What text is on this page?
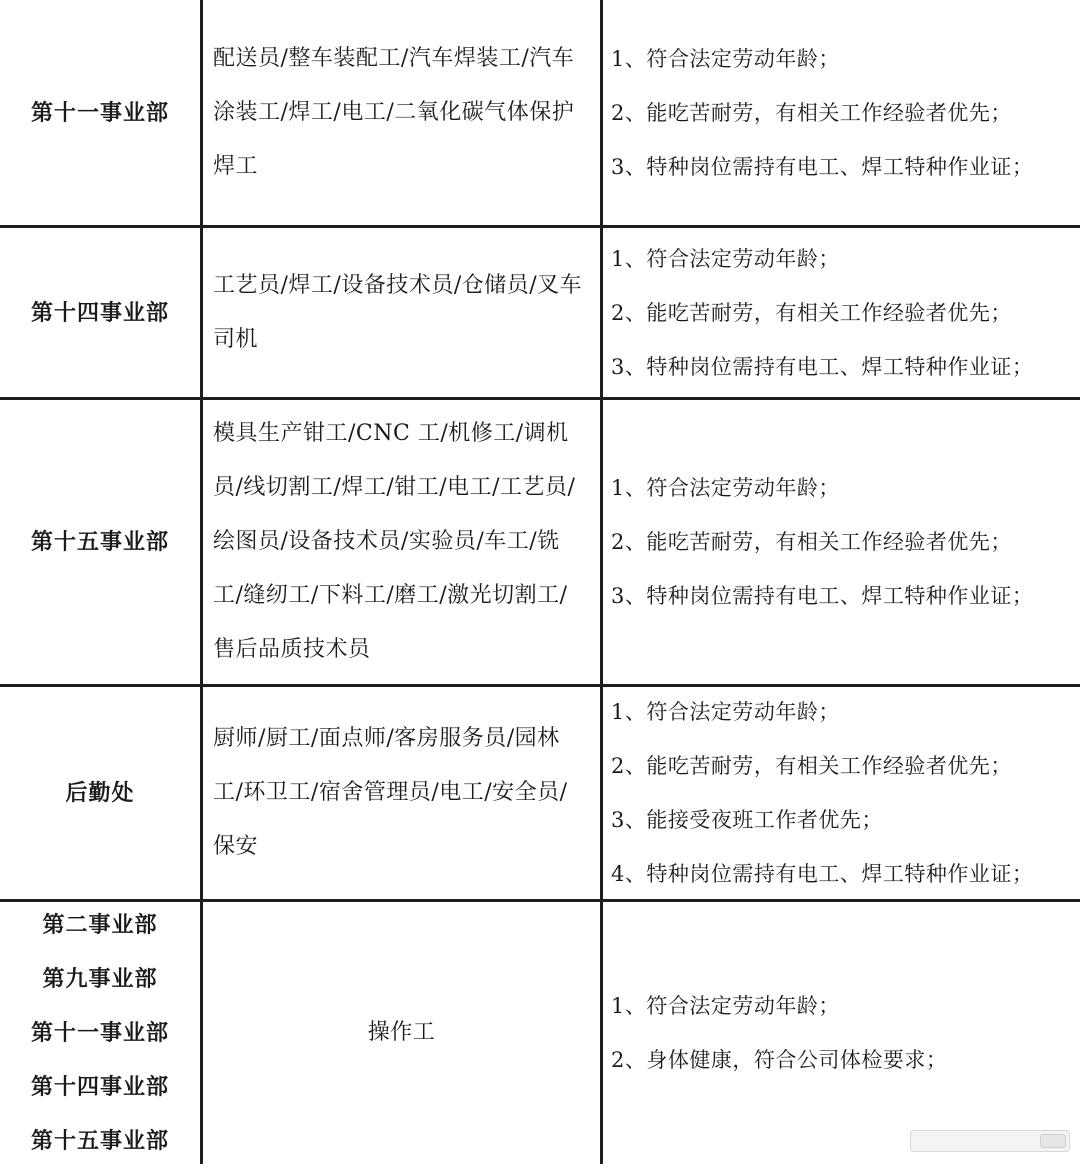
第十一事业部
配送员/整车装配工/汽车焊装工/汽车涂装工/焊工/电工/二氧化碳气体保护焊工
1、符合法定劳动年龄；
2、能吃苦耐劳，有相关工作经验者优先；
3、特种岗位需持有电工、焊工特种作业证；
第十四事业部
工艺员/焊工/设备技术员/仓储员/叉车司机
1、符合法定劳动年龄；
2、能吃苦耐劳，有相关工作经验者优先；
3、特种岗位需持有电工、焊工特种作业证；
第十五事业部
模具生产钳工/CNC 工/机修工/调机员/线切割工/焊工/钳工/电工/工艺员/绘图员/设备技术员/实验员/车工/铣工/缝纫工/下料工/磨工/激光切割工/售后品质技术员
1、符合法定劳动年龄；
2、能吃苦耐劳，有相关工作经验者优先；
3、特种岗位需持有电工、焊工特种作业证；
后勤处
厨师/厨工/面点师/客房服务员/园林工/环卫工/宿舍管理员/电工/安全员/保安
1、符合法定劳动年龄；
2、能吃苦耐劳，有相关工作经验者优先；
3、能接受夜班工作者优先；
4、特种岗位需持有电工、焊工特种作业证；
第二事业部
第九事业部
第十一事业部
第十四事业部
第十五事业部
操作工
1、符合法定劳动年龄；
2、身体健康，符合公司体检要求；
